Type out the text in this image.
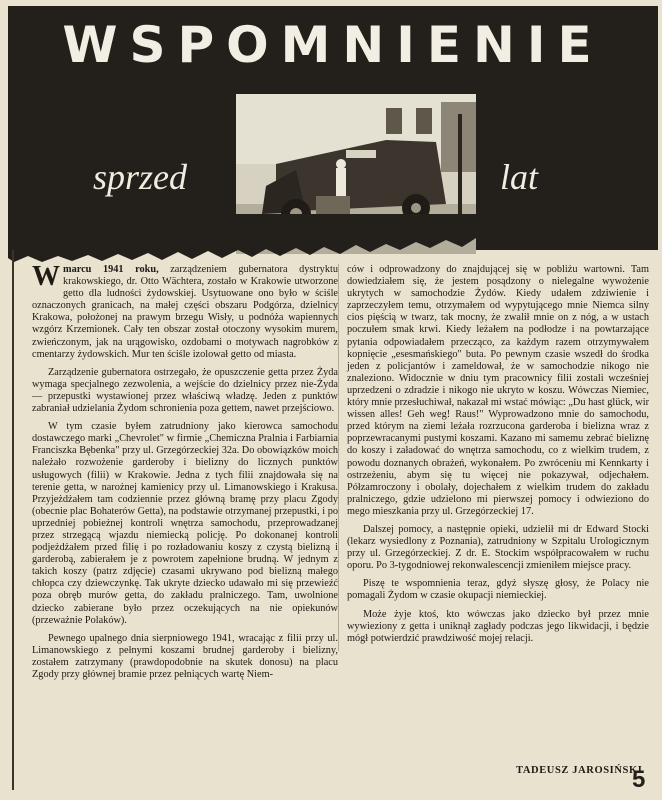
WSPOMNIENIE
sprzed	lat

Wmarcu 1941 roku, zarządzeniem gubernatora dystryktu krakowskiego, dr. Otto Wächtera, zostało w Krakowie utworzone getto dla ludności żydowskiej. Usytuowane ono było w ściśle oznaczonych granicach, na małej części obszaru Podgórza, dzielnicy Krakowa, położonej na prawym brzegu Wisły, u podnóża wapiennych wzgórz Krzemionek. Cały ten obszar został otoczony wysokim murem, zwieńczonym, jak na urągowisko, ozdobami o motywach nagrobków z cmentarzy żydowskich. Mur ten ściśle izolował getto od miasta.

Zarządzenie gubernatora ostrzegało, że opuszczenie getta przez Żyda wymaga specjalnego zezwolenia, a wejście do dzielnicy przez nie-Żyda — przepustki wystawionej przez właściwą władzę. Jeden z punktów zabraniał udzielania Żydom schronienia poza gettem, nawet przejściowo.

W tym czasie byłem zatrudniony jako kierowca samochodu dostawczego marki „Chevrolet" w firmie „Chemiczna Pralnia i Farbiarnia Franciszka Bębenka" przy ul. Grzegórzeckiej 32a. Do obowiązków moich należało rozwożenie garderoby i bielizny do licznych punktów usługowych (filii) w Krakowie. Jedna z tych filii znajdowała się na terenie getta, w narożnej kamienicy przy ul. Limanowskiego i Krakusa. Przyjeżdżałem tam codziennie przez główną bramę przy placu Zgody (obecnie plac Bohaterów Getta), na podstawie otrzymanej przepustki, i po uprzedniej pobieżnej kontroli wnętrza samochodu, przeprowadzanej przez strzegącą wjazdu niemiecką policję. Po dokonanej kontroli podjeżdżałem przed filię i po rozładowaniu koszy z czystą bielizną i garderobą, zabierałem je z powrotem zapełnione brudną. W jednym z takich koszy (patrz zdjęcie) czasami ukrywano pod bielizną małego chłopca czy dziewczynkę. Tak ukryte dziecko udawało mi się przewieźć poza obręb murów getta, do zakładu pralniczego. Tam, uwolnione dziecko zabierane było przez oczekujących na nie opiekunów (przeważnie Polaków).

Pewnego upalnego dnia sierpniowego 1941, wracając z filii przy ul. Limanowskiego z pełnymi koszami brudnej garderoby i bielizny, zostałem zatrzymany (prawdopodobnie na skutek donosu) na placu Zgody przy głównej bramie przez pełniących wartę Niem-

ców i odprowadzony do znajdującej się w pobliżu wartowni. Tam dowiedziałem się, że jestem posądzony o nielegalne wywożenie ukrytych w samochodzie Żydów. Kiedy udałem zdziwienie i zaprzeczyłem temu, otrzymałem od wypytującego mnie Niemca silny cios pięścią w twarz, tak mocny, że zwalił mnie on z nóg, a w ustach poczułem smak krwi. Kiedy leżałem na podłodze i na powtarzające pytania odpowiadałem przecząco, za każdym razem otrzymywałem kopnięcie „esesmańskiego" buta. Po pewnym czasie wszedł do środka jeden z policjantów i zameldował, że w samochodzie nikogo nie znaleziono. Widocznie w dniu tym pracownicy filii zostali wcześniej uprzedzeni o zdradzie i nikogo nie ukryto w koszu. Wówczas Niemiec, który mnie przesłuchiwał, nakazał mi wstać mówiąc: „Du hast glück, wir wissen alles! Geh weg! Raus!" Wyprowadzono mnie do samochodu, przed którym na ziemi leżała rozrzucona garderoba i bielizna wraz z poprzewracanymi pustymi koszami. Kazano mi samemu zebrać bieliznę do koszy i załadować do wnętrza samochodu, co z wielkim trudem, z powodu doznanych obrażeń, wykonałem. Po zwróceniu mi Kennkarty i ostrzeżeniu, abym się tu więcej nie pokazywał, odjechałem. Półzamroczony i obolały, dojechałem z wielkim trudem do zakładu pralniczego, gdzie udzielono mi pierwszej pomocy i odwieziono do mego mieszkania przy ul. Grzegórzeckiej 17.

Dalszej pomocy, a następnie opieki, udzielił mi dr Edward Stocki (lekarz wysiedlony z Poznania), zatrudniony w Szpitalu Urologicznym przy ul. Grzegórzeckiej. Z dr. E. Stockim współpracowałem w ruchu oporu. Po 3-tygodniowej rekonwalescencji zmieniłem miejsce pracy.

Piszę te wspomnienia teraz, gdyż słyszę głosy, że Polacy nie pomagali Żydom w czasie okupacji niemieckiej.

Może żyje ktoś, kto wówczas jako dziecko był przez mnie wywieziony z getta i uniknął zagłady podczas jego likwidacji, i będzie mógł potwierdzić prawdziwość mojej relacji.

TADEUSZ JAROSIŃSKI
5
